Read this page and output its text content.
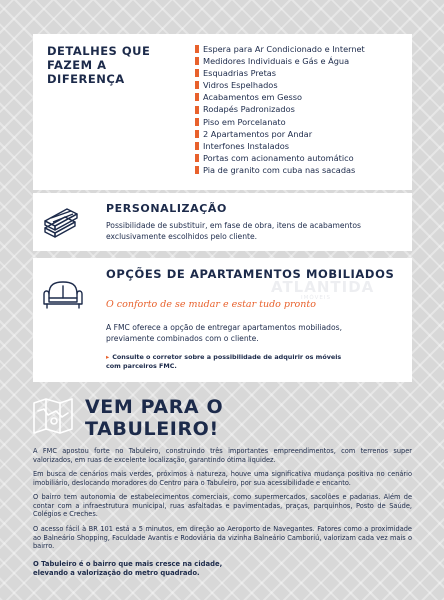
DETALHES QUE FAZEM A DIFERENÇA
Espera para Ar Condicionado e Internet
Medidores Individuais e Gás e Água
Esquadrias Pretas
Vidros Espelhados
Acabamentos em Gesso
Rodapés Padronizados
Piso em Porcelanato
2 Apartamentos por Andar
Interfones Instalados
Portas com acionamento automático
Pia de granito com cuba nas sacadas
PERSONALIZAÇÃO
Possibilidade de substituir, em fase de obra, itens de acabamentos exclusivamente escolhidos pelo cliente.
OPÇÕES DE APARTAMENTOS MOBILIADOS
O conforto de se mudar e estar tudo pronto
A FMC oferece a opção de entregar apartamentos mobiliados, previamente combinados com o cliente.
▸ Consulte o corretor sobre a possibilidade de adquirir os móveis com parceiros FMC.
ATLANTIDA
IMÓVEIS
VEM PARA O TABULEIRO!

A FMC apostou forte no Tabuleiro, construindo três importantes empreendimentos, com terrenos super valorizados, em ruas de excelente localização, garantindo ótima liquidez.

Em busca de cenários mais verdes, próximos à natureza, houve uma significativa mudança positiva no cenário imobiliário, deslocando moradores do Centro para o Tabuleiro, por sua acessibilidade e encanto.

O bairro tem autonomia de estabelecimentos comerciais, como supermercados, sacolões e padarias. Além de contar com a infraestrutura municipal, ruas asfaltadas e pavimentadas, praças, parquinhos, Posto de Saúde, Colégios e Creches.

O acesso fácil à BR 101 está a 5 minutos, em direção ao Aeroporto de Navegantes. Fatores como a proximidade ao Balneário Shopping, Faculdade Avantis e Rodoviária da vizinha Balneário Camboriú, valorizam cada vez mais o bairro.

O Tabuleiro é o bairro que mais cresce na cidade, elevando a valorização do metro quadrado.
